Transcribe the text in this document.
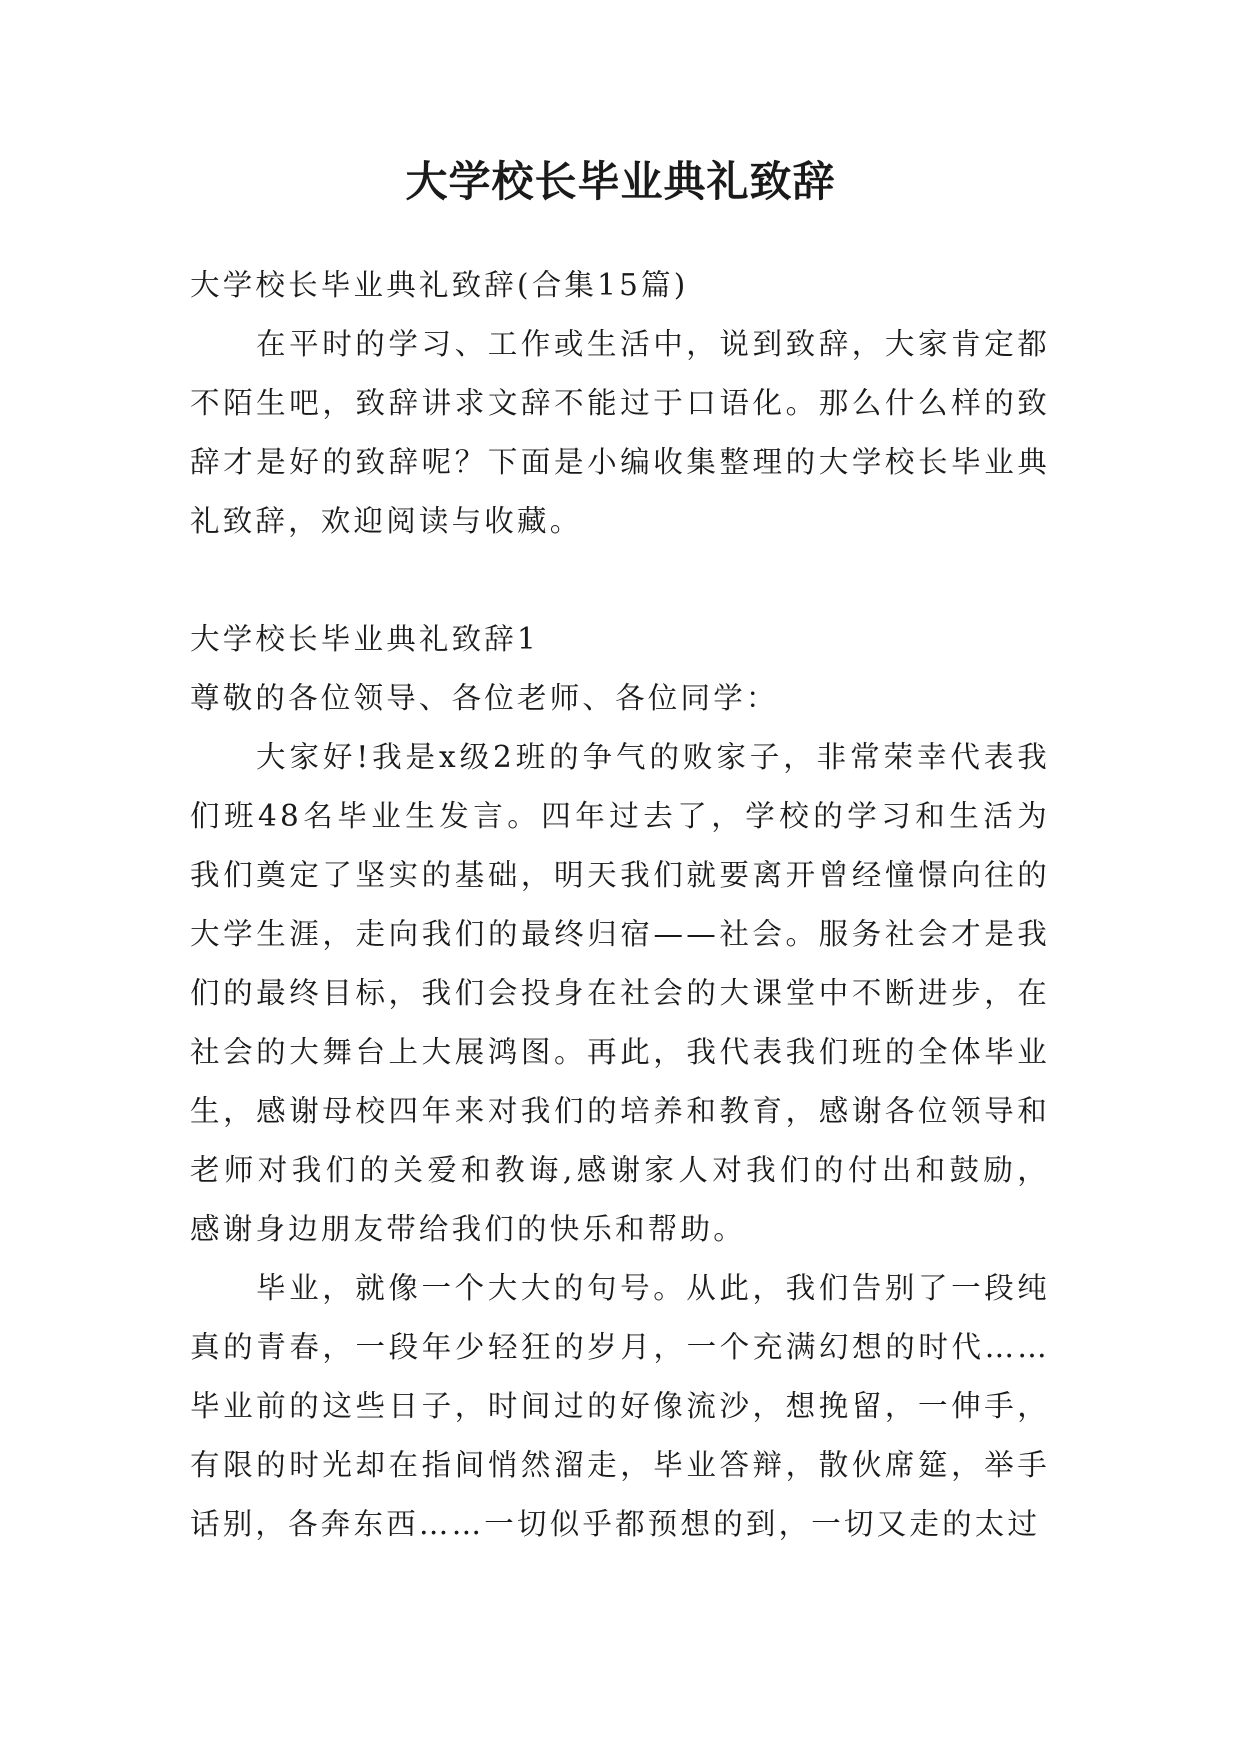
大学校长毕业典礼致辞

大学校长毕业典礼致辞(合集15篇)

在平时的学习、工作或生活中，说到致辞，大家肯定都不陌生吧，致辞讲求文辞不能过于口语化。那么什么样的致辞才是好的致辞呢？下面是小编收集整理的大学校长毕业典礼致辞，欢迎阅读与收藏。

大学校长毕业典礼致辞1

尊敬的各位领导、各位老师、各位同学：

大家好!我是x级2班的争气的败家子，非常荣幸代表我们班48名毕业生发言。四年过去了，学校的学习和生活为我们奠定了坚实的基础，明天我们就要离开曾经憧憬向往的大学生涯，走向我们的最终归宿——社会。服务社会才是我们的最终目标，我们会投身在社会的大课堂中不断进步，在社会的大舞台上大展鸿图。再此，我代表我们班的全体毕业生，感谢母校四年来对我们的培养和教育，感谢各位领导和老师对我们的关爱和教诲,感谢家人对我们的付出和鼓励，感谢身边朋友带给我们的快乐和帮助。

毕业，就像一个大大的句号。从此，我们告别了一段纯真的青春，一段年少轻狂的岁月，一个充满幻想的时代……毕业前的这些日子，时间过的好像流沙，想挽留，一伸手，有限的时光却在指间悄然溜走，毕业答辩，散伙席筵，举手话别，各奔东西……一切似乎都预想的到，一切又走的太过
